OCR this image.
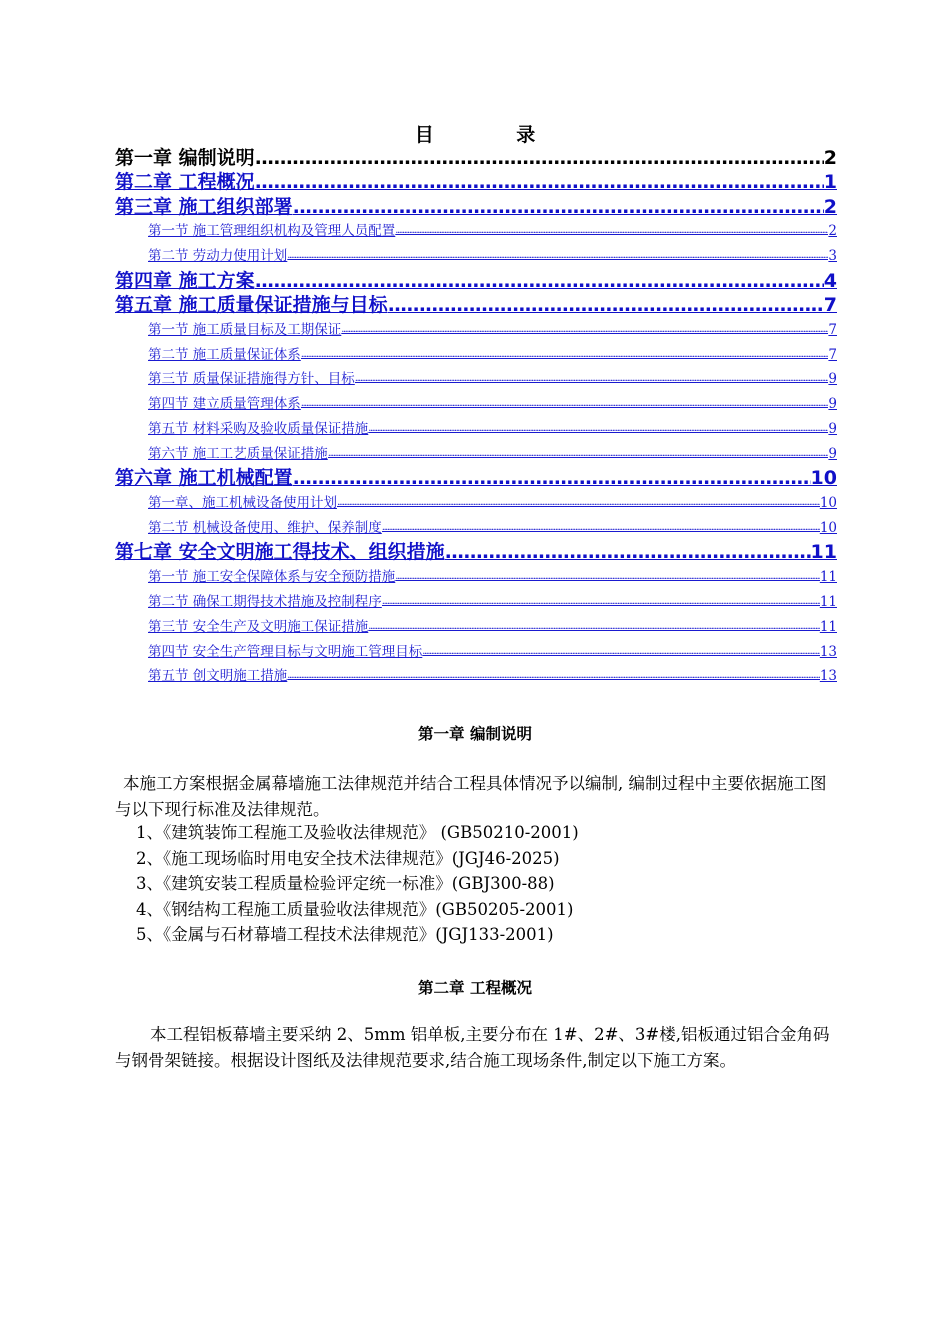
目 录
第一章 编制说明 .....	2
第二章 工程概况 .....	1
第三章 施工组织部署 .....	2
第一节 施工管理组织机构及管理人员配置 .....	2
第二节 劳动力使用计划 .....	3
第四章 施工方案 .....	4
第五章 施工质量保证措施与目标 .....	7
第一节 施工质量目标及工期保证 .....	7
第二节 施工质量保证体系 .....	7
第三节 质量保证措施得方针、目标 .....	9
第四节 建立质量管理体系 .....	9
第五节 材料采购及验收质量保证措施 .....	9
第六节 施工工艺质量保证措施 .....	9
第六章 施工机械配置 .....	10
第一章、施工机械设备使用计划 .....	10
第二节 机械设备使用、维护、保养制度 .....	10
第七章 安全文明施工得技术、组织措施 .....	11
第一节 施工安全保障体系与安全预防措施 .....	11
第二节 确保工期得技术措施及控制程序 .....	11
第三节 安全生产及文明施工保证措施 .....	11
第四节 安全生产管理目标与文明施工管理目标 .....	13
第五节 创文明施工措施 .....	13
第一章 编制说明
本施工方案根据金属幕墙施工法律规范并结合工程具体情况予以编制, 编制过程中主要依据施工图与以下现行标准及法律规范。
1、《建筑装饰工程施工及验收法律规范》 (GB50210-2001)
2、《施工现场临时用电安全技术法律规范》(JGJ46-2025)
3、《建筑安装工程质量检验评定统一标准》(GBJ300-88)
4、《钢结构工程施工质量验收法律规范》(GB50205-2001)
5、《金属与石材幕墙工程技术法律规范》(JGJ133-2001)
第二章 工程概况
本工程铝板幕墙主要采纳 2、5mm 铝单板,主要分布在 1#、2#、3#楼,铝板通过铝合金角码与钢骨架链接。根据设计图纸及法律规范要求,结合施工现场条件,制定以下施工方案。
